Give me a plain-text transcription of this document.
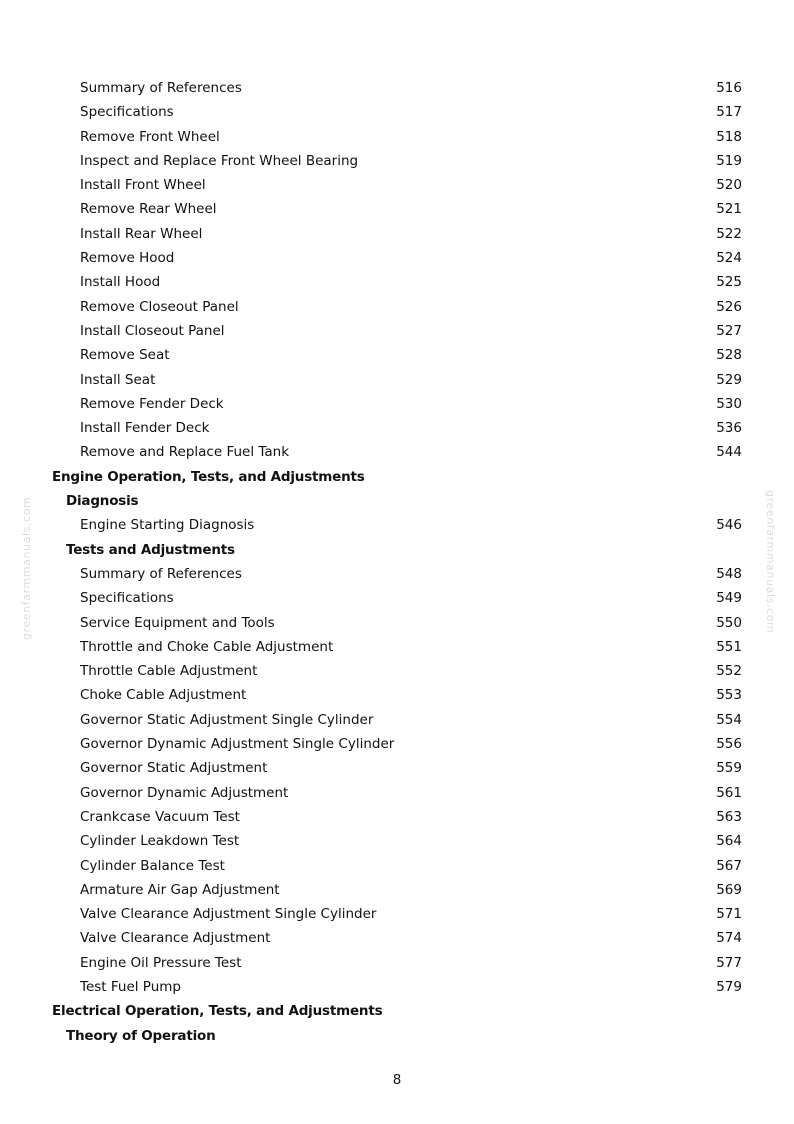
greenfarmmanuals.com	greenfarmmanuals.com
Summary of References	516
Specifications	517
Remove Front Wheel	518
Inspect and Replace Front Wheel Bearing	519
Install Front Wheel	520
Remove Rear Wheel	521
Install Rear Wheel	522
Remove Hood	524
Install Hood	525
Remove Closeout Panel	526
Install Closeout Panel	527
Remove Seat	528
Install Seat	529
Remove Fender Deck	530
Install Fender Deck	536
Remove and Replace Fuel Tank	544
Engine Operation, Tests, and Adjustments
Diagnosis
Engine Starting Diagnosis	546
Tests and Adjustments
Summary of References	548
Specifications	549
Service Equipment and Tools	550
Throttle and Choke Cable Adjustment	551
Throttle Cable Adjustment	552
Choke Cable Adjustment	553
Governor Static Adjustment Single Cylinder	554
Governor Dynamic Adjustment Single Cylinder	556
Governor Static Adjustment	559
Governor Dynamic Adjustment	561
Crankcase Vacuum Test	563
Cylinder Leakdown Test	564
Cylinder Balance Test	567
Armature Air Gap Adjustment	569
Valve Clearance Adjustment Single Cylinder	571
Valve Clearance Adjustment	574
Engine Oil Pressure Test	577
Test Fuel Pump	579
Electrical Operation, Tests, and Adjustments
Theory of Operation
8
